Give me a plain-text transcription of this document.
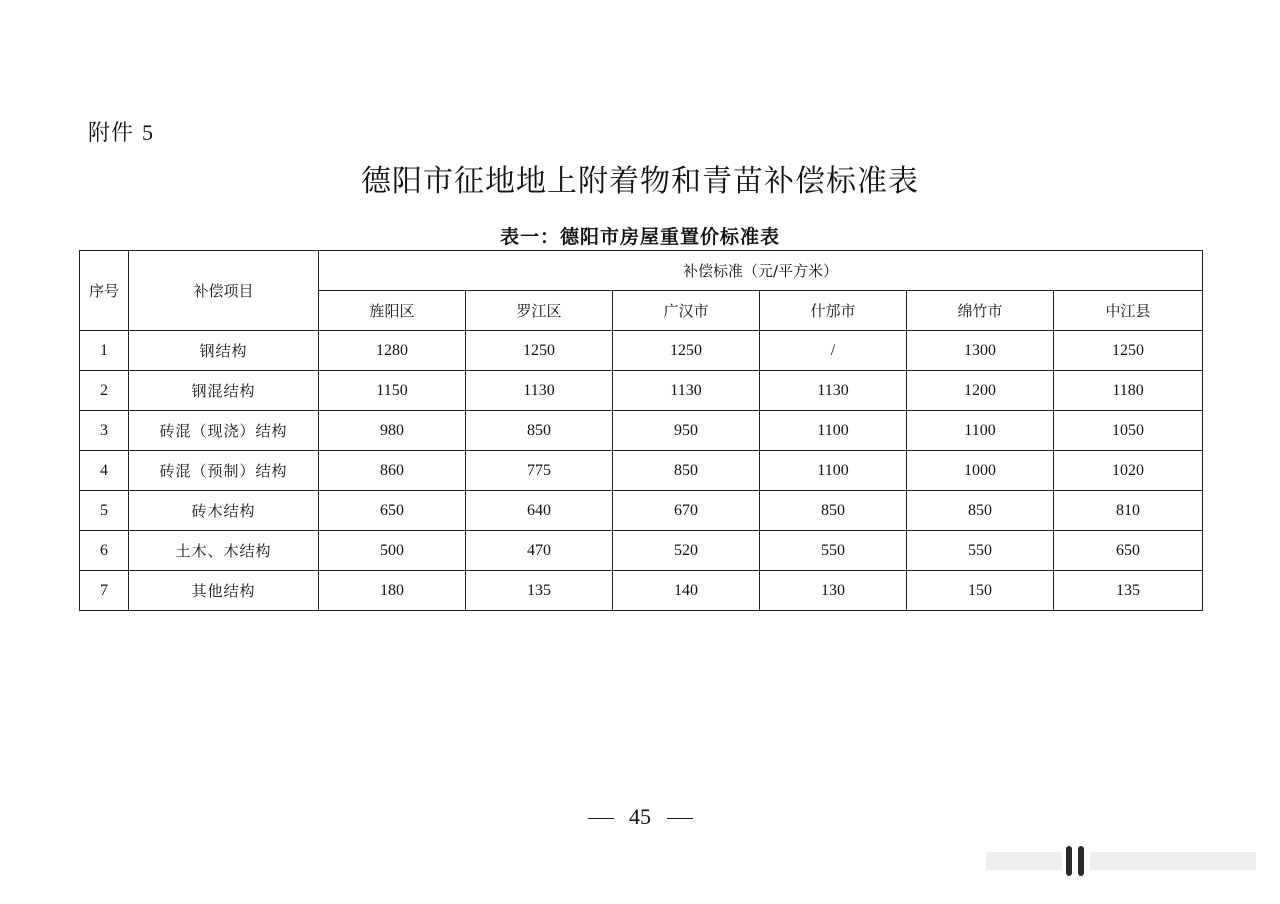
附件 5
德阳市征地地上附着物和青苗补偿标准表
表一：德阳市房屋重置价标准表
序号	补偿项目	补偿标准（元/平方米）					
		旌阳区	罗江区	广汉市	什邡市	绵竹市	中江县
1	钢结构	1280	1250	1250	/	1300	1250
2	钢混结构	1150	1130	1130	1130	1200	1180
3	砖混（现浇）结构	980	850	950	1100	1100	1050
4	砖混（预制）结构	860	775	850	1100	1000	1020
5	砖木结构	650	640	670	850	850	810
6	土木、木结构	500	470	520	550	550	650
7	其他结构	180	135	140	130	150	135
45
